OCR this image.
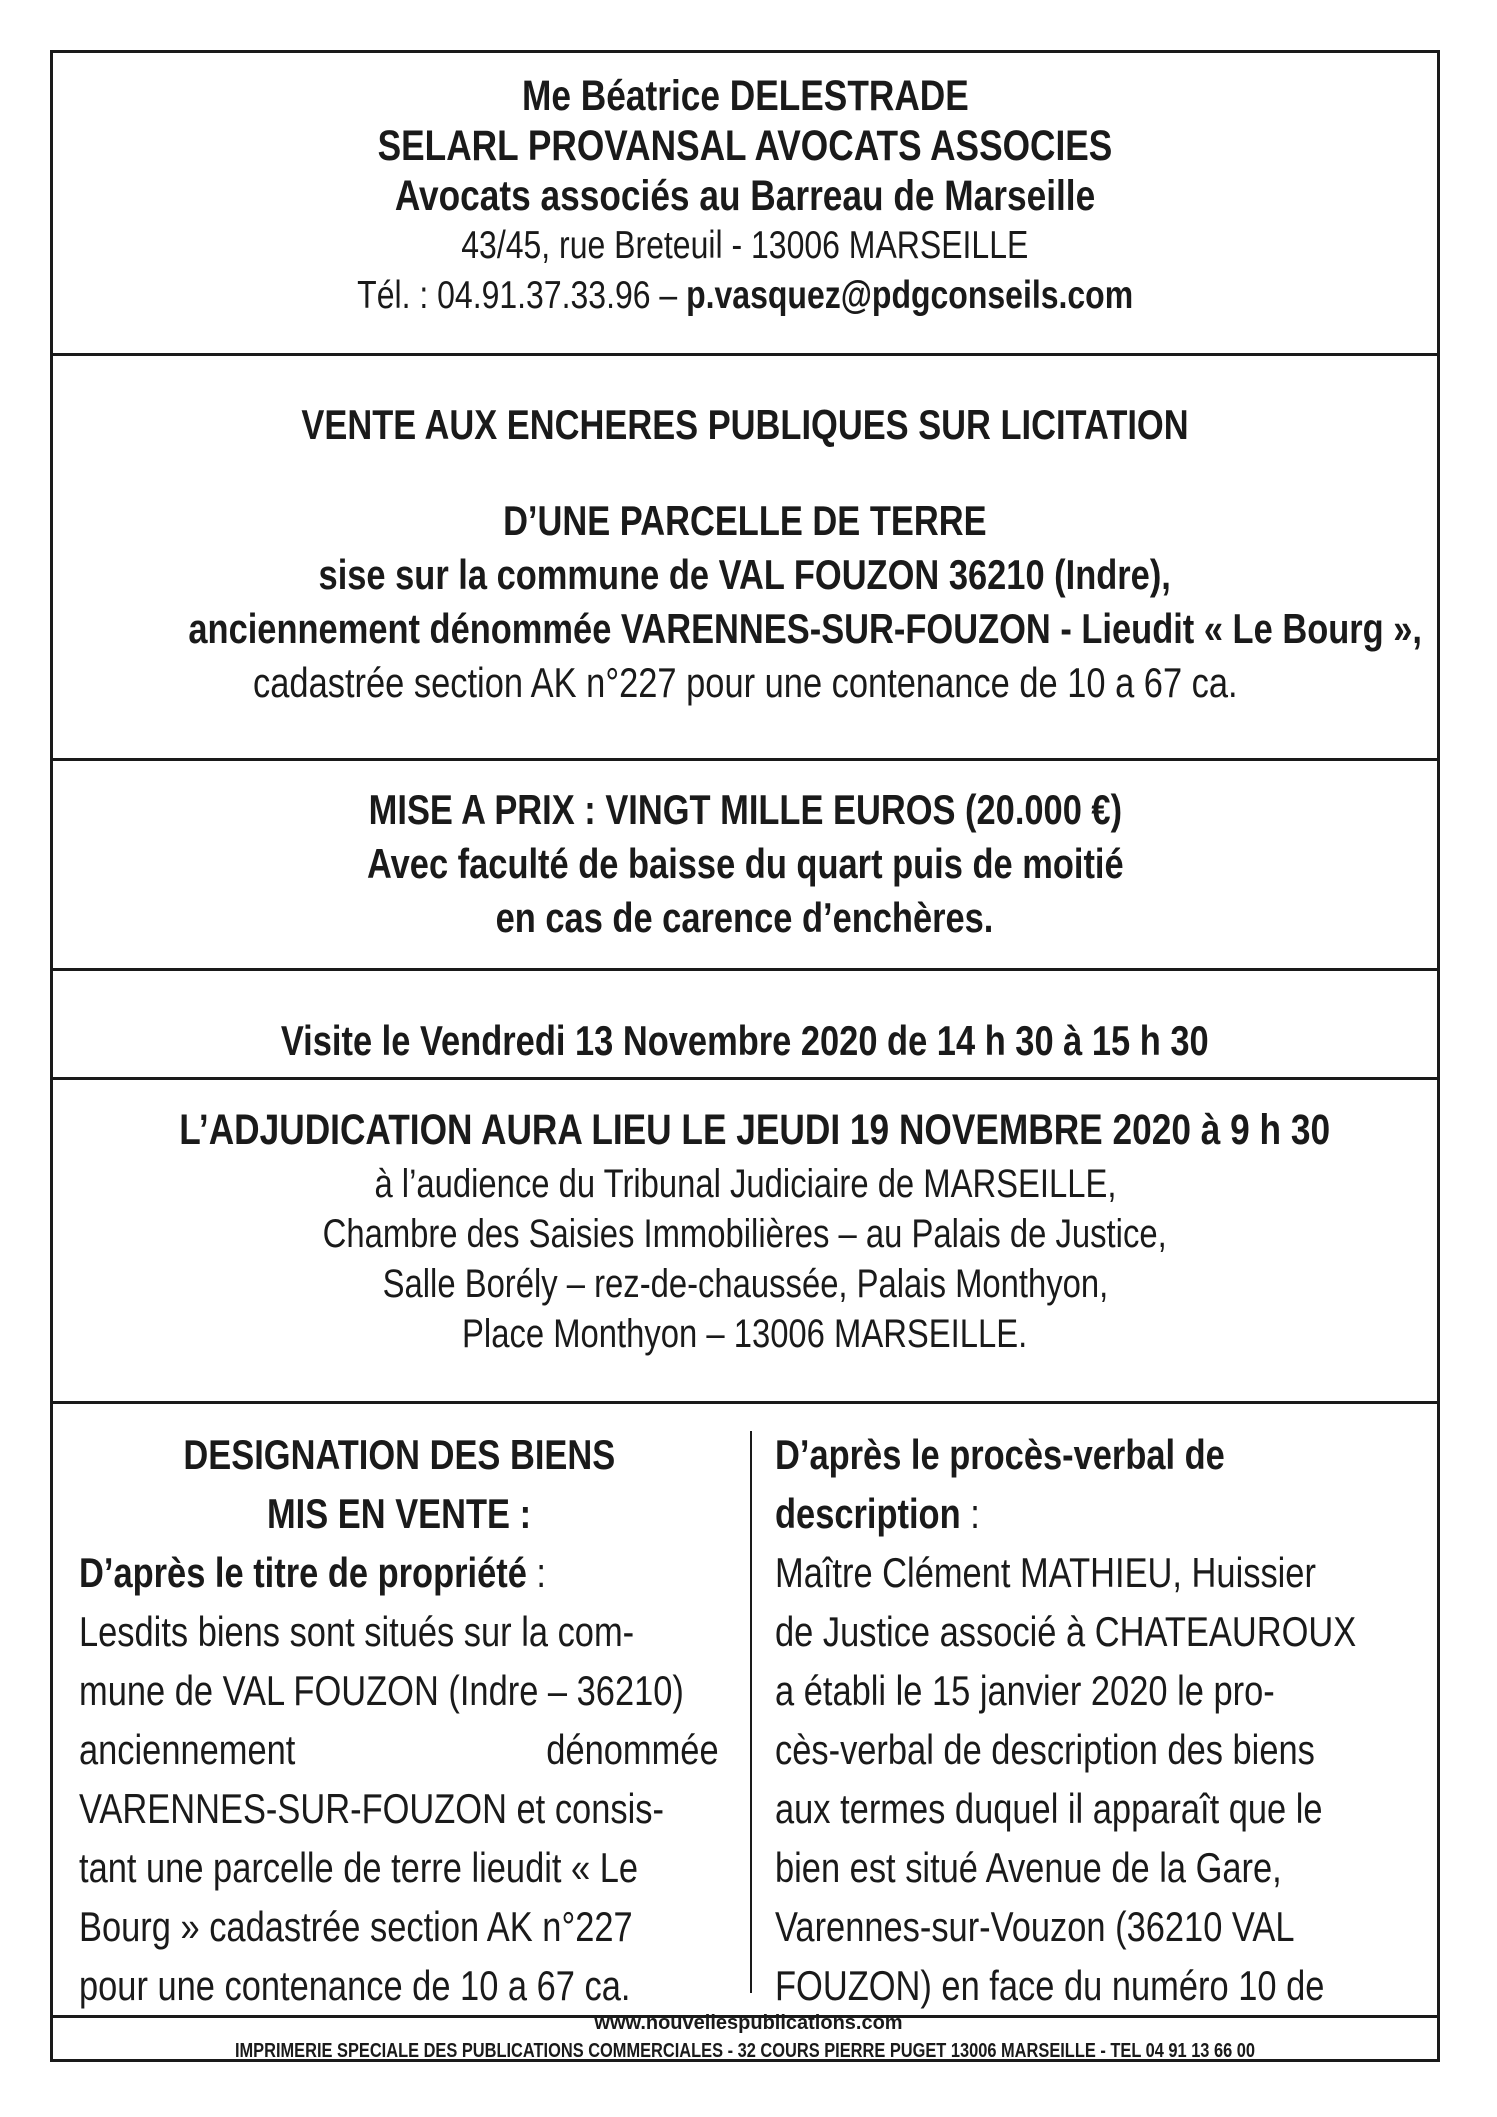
Me Béatrice DELESTRADE
SELARL PROVANSAL AVOCATS ASSOCIES
Avocats associés au Barreau de Marseille
43/45, rue Breteuil - 13006 MARSEILLE
Tél. : 04.91.37.33.96 – p.vasquez@pdgconseils.com
VENTE AUX ENCHERES PUBLIQUES SUR LICITATION
D’UNE PARCELLE DE TERRE
sise sur la commune de VAL FOUZON 36210 (Indre),
anciennement dénommée VARENNES-SUR-FOUZON - Lieudit « Le Bourg »,
cadastrée section AK n°227 pour une contenance de 10 a 67 ca.
MISE A PRIX : VINGT MILLE EUROS (20.000 €)
Avec faculté de baisse du quart puis de moitié
en cas de carence d’enchères.
Visite le Vendredi 13 Novembre 2020 de 14 h 30 à 15 h 30
L’ADJUDICATION AURA LIEU LE JEUDI 19 NOVEMBRE 2020 à 9 h 30
à l’audience du Tribunal Judiciaire de MARSEILLE,
Chambre des Saisies Immobilières – au Palais de Justice,
Salle Borély – rez-de-chaussée, Palais Monthyon,
Place Monthyon – 13006 MARSEILLE.
DESIGNATION DES BIENS
MIS EN VENTE :
D’après le titre de propriété :
Lesdits biens sont situés sur la com-
mune de VAL FOUZON (Indre – 36210)
anciennement	dénommée
VARENNES-SUR-FOUZON et consis-
tant une parcelle de terre lieudit « Le
Bourg » cadastrée section AK n°227
pour une contenance de 10 a 67 ca.
D’après le procès-verbal de
description :
Maître Clément MATHIEU, Huissier
de Justice associé à CHATEAUROUX
a établi le 15 janvier 2020 le pro-
cès-verbal de description des biens
aux termes duquel il apparaît que le
bien est situé Avenue de la Gare,
Varennes-sur-Vouzon (36210 VAL
FOUZON) en face du numéro 10 de
IMPRIMERIE SPECIALE DES PUBLICATIONS COMMERCIALES - 32 COURS PIERRE PUGET 13006 MARSEILLE - TEL 04 91 13 66 00
www.nouvellespublications.com
